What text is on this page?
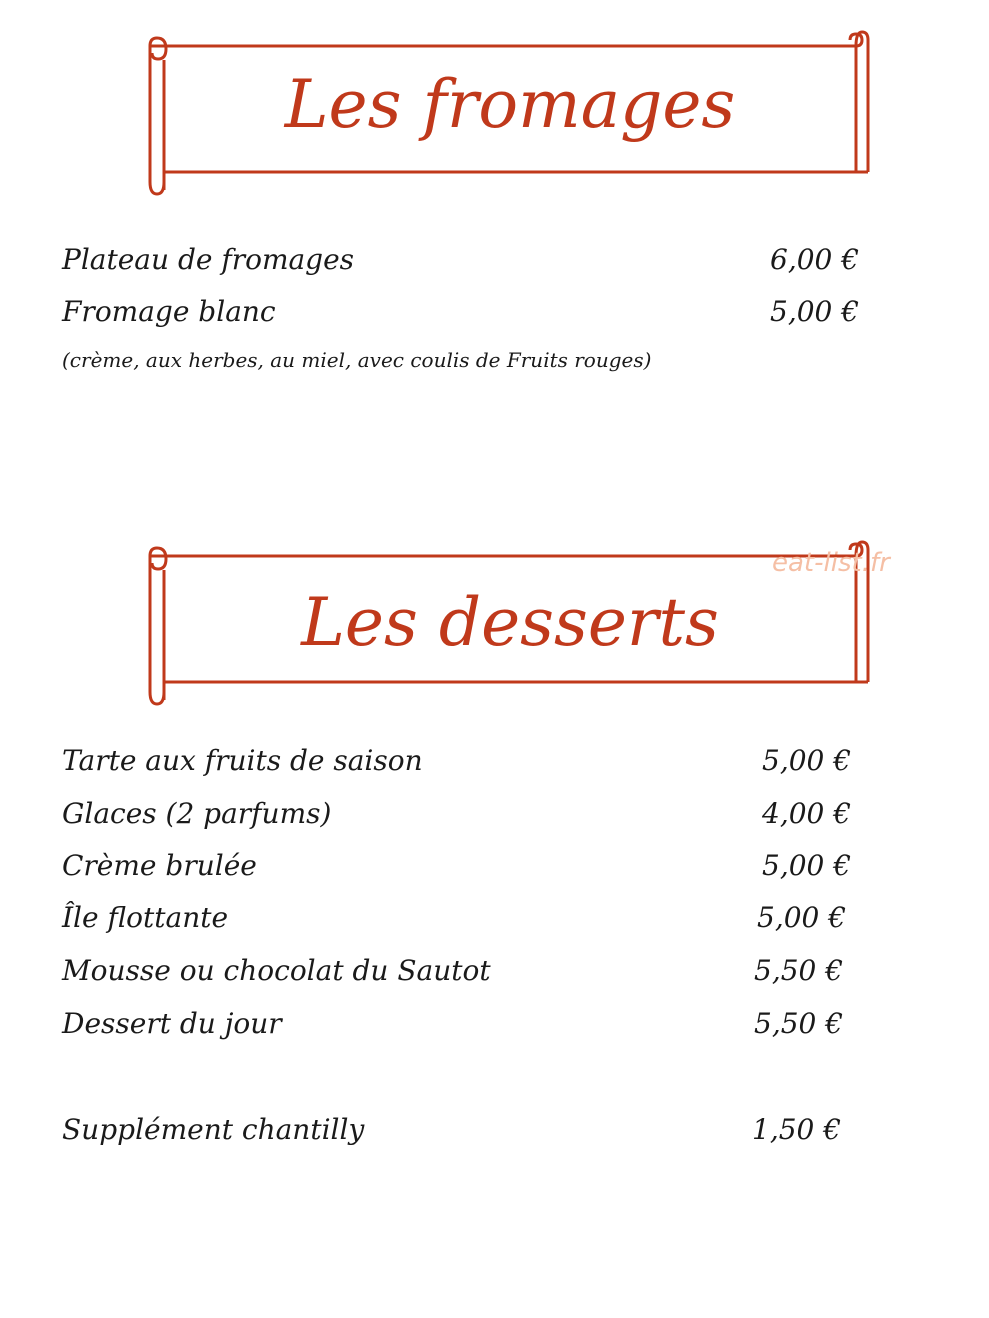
Les fromages
Plateau de fromages	6,00 €
Fromage blanc	5,00 €
(crème, aux herbes, au miel, avec coulis de Fruits rouges)
Les desserts
eat-list.fr
Tarte aux fruits de saison	5,00 €
Glaces (2 parfums)	4,00 €
Crème brulée	5,00 €
Île flottante	5,00 €
Mousse ou chocolat du Sautot	5,50 €
Dessert du jour	5,50 €
Supplément chantilly	1,50 €
